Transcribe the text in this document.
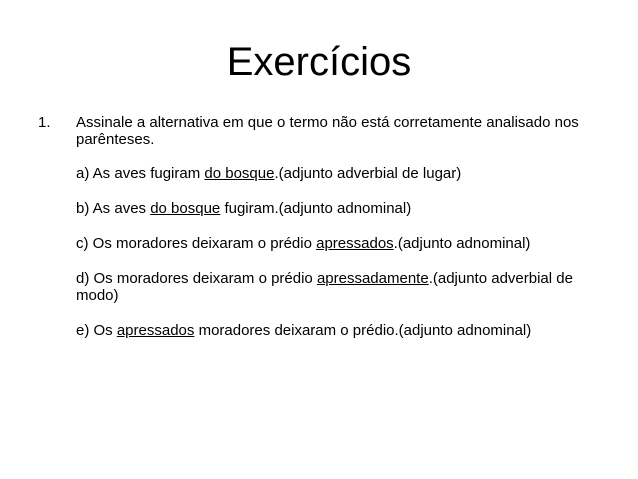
Exercícios
1. Assinale a alternativa em que o termo não está corretamente analisado nos parênteses.

a) As aves fugiram do bosque.(adjunto adverbial de lugar)

b) As aves do bosque fugiram.(adjunto adnominal)

c) Os moradores deixaram o prédio apressados.(adjunto adnominal)

d) Os moradores deixaram o prédio apressadamente.(adjunto adverbial de modo)

e) Os apressados moradores deixaram o prédio.(adjunto adnominal)
